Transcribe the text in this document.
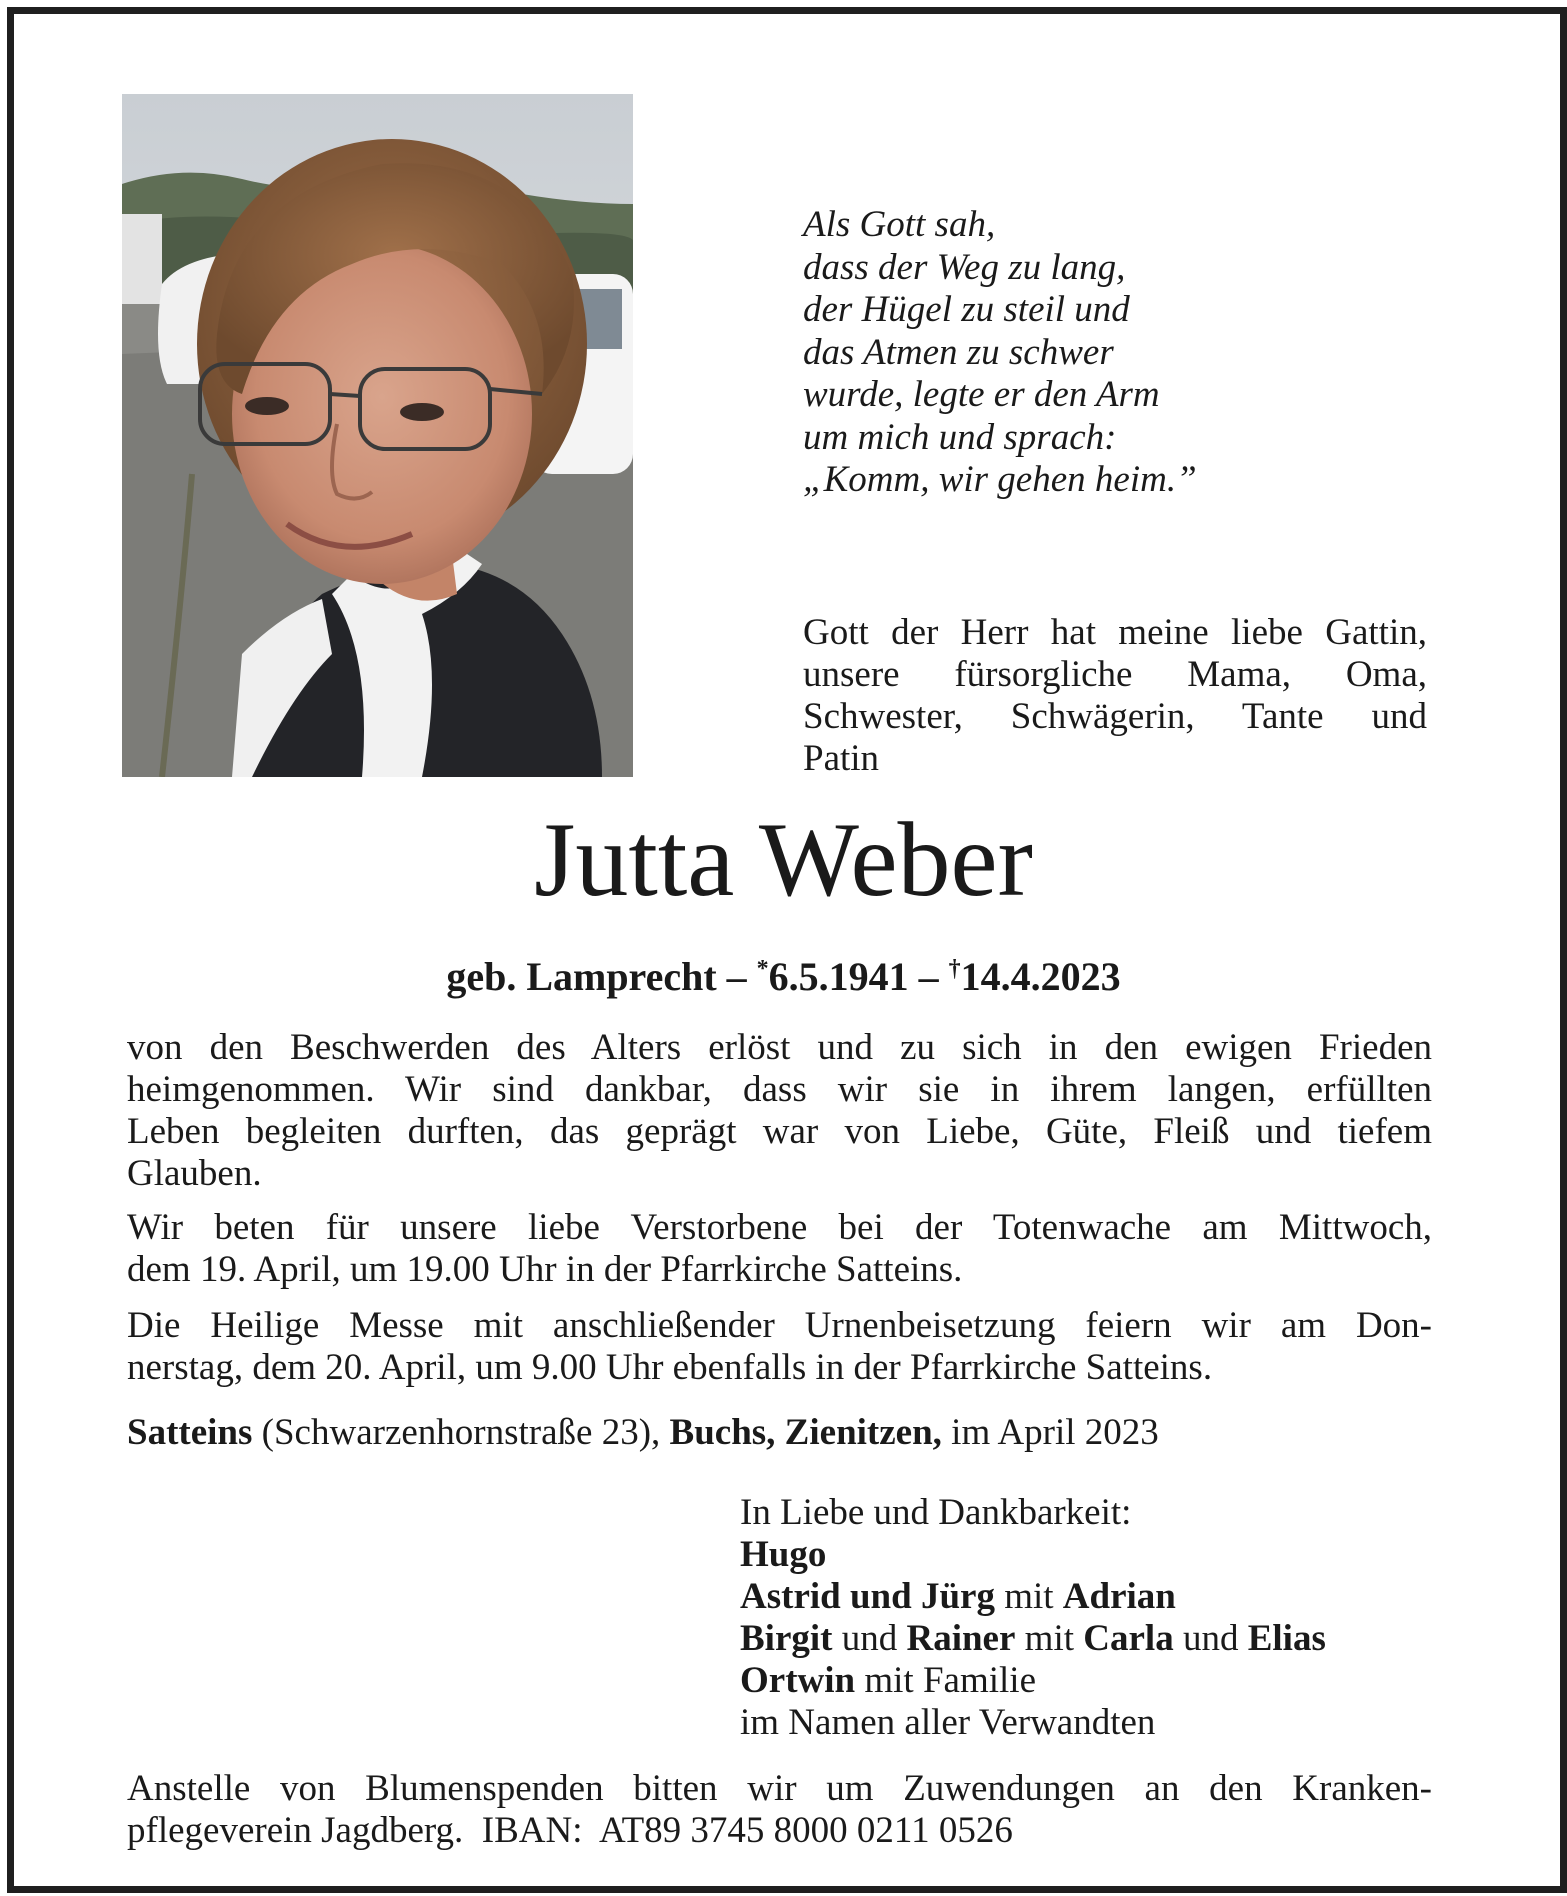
Als Gott sah,
dass der Weg zu lang,
der Hügel zu steil und
das Atmen zu schwer
wurde, legte er den Arm
um mich und sprach:
„Komm, wir gehen heim.”
Gott der Herr hat meine liebe Gattin,
unsere fürsorgliche Mama, Oma,
Schwester, Schwägerin, Tante und
Patin
Jutta Weber
geb. Lamprecht – *6.5.1941 – †14.4.2023
von den Beschwerden des Alters erlöst und zu sich in den ewigen Frieden
heimgenommen. Wir sind dankbar, dass wir sie in ihrem langen, erfüllten
Leben begleiten durften, das geprägt war von Liebe, Güte, Fleiß und tiefem
Glauben.
Wir beten für unsere liebe Verstorbene bei der Totenwache am Mittwoch,
dem 19. April, um 19.00 Uhr in der Pfarrkirche Satteins.
Die Heilige Messe mit anschließender Urnenbeisetzung feiern wir am Don-
nerstag, dem 20. April, um 9.00 Uhr ebenfalls in der Pfarrkirche Satteins.
Satteins (Schwarzenhornstraße 23), Buchs, Zienitzen, im April 2023
In Liebe und Dankbarkeit:
Hugo
Astrid und Jürg mit Adrian
Birgit und Rainer mit Carla und Elias
Ortwin mit Familie
im Namen aller Verwandten
Anstelle von Blumenspenden bitten wir um Zuwendungen an den Kranken-
pflegeverein Jagdberg.  IBAN:  AT89 3745 8000 0211 0526
